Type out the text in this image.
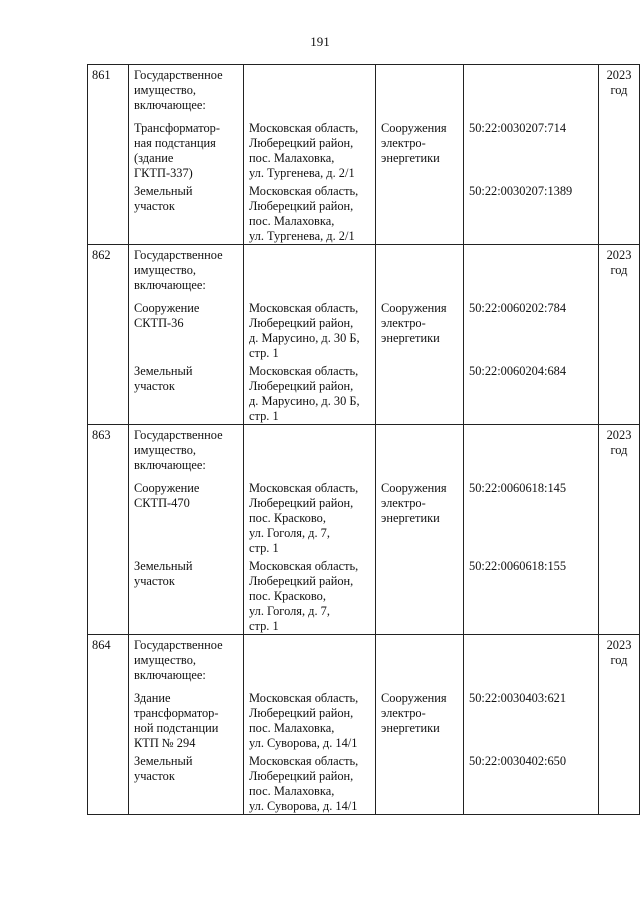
191
861	Государственное
имущество,
включающее:				2023
год

	Трансформатор-
ная подстанция
(здание
ГКТП-337)	Московская область,
Люберецкий район,
пос. Малаховка,
ул. Тургенева, д. 2/1	Сооружения
электро-
энергетики	50:22:0030207:714	

	Земельный
участок	Московская область,
Люберецкий район,
пос. Малаховка,
ул. Тургенева, д. 2/1		50:22:0030207:1389	

862	Государственное
имущество,
включающее:				2023
год

	Сооружение
СКТП-36	Московская область,
Люберецкий район,
д. Марусино, д. 30 Б,
стр. 1	Сооружения
электро-
энергетики	50:22:0060202:784	

	Земельный
участок	Московская область,
Люберецкий район,
д. Марусино, д. 30 Б,
стр. 1		50:22:0060204:684	

863	Государственное
имущество,
включающее:				2023
год

	Сооружение
СКТП-470	Московская область,
Люберецкий район,
пос. Красково,
ул. Гоголя, д. 7,
стр. 1	Сооружения
электро-
энергетики	50:22:0060618:145	

	Земельный
участок	Московская область,
Люберецкий район,
пос. Красково,
ул. Гоголя, д. 7,
стр. 1		50:22:0060618:155	

864	Государственное
имущество,
включающее:				2023
год

	Здание
трансформатор-
ной подстанции
КТП № 294	Московская область,
Люберецкий район,
пос. Малаховка,
ул. Суворова, д. 14/1	Сооружения
электро-
энергетики	50:22:0030403:621	

	Земельный
участок	Московская область,
Люберецкий район,
пос. Малаховка,
ул. Суворова, д. 14/1		50:22:0030402:650	
